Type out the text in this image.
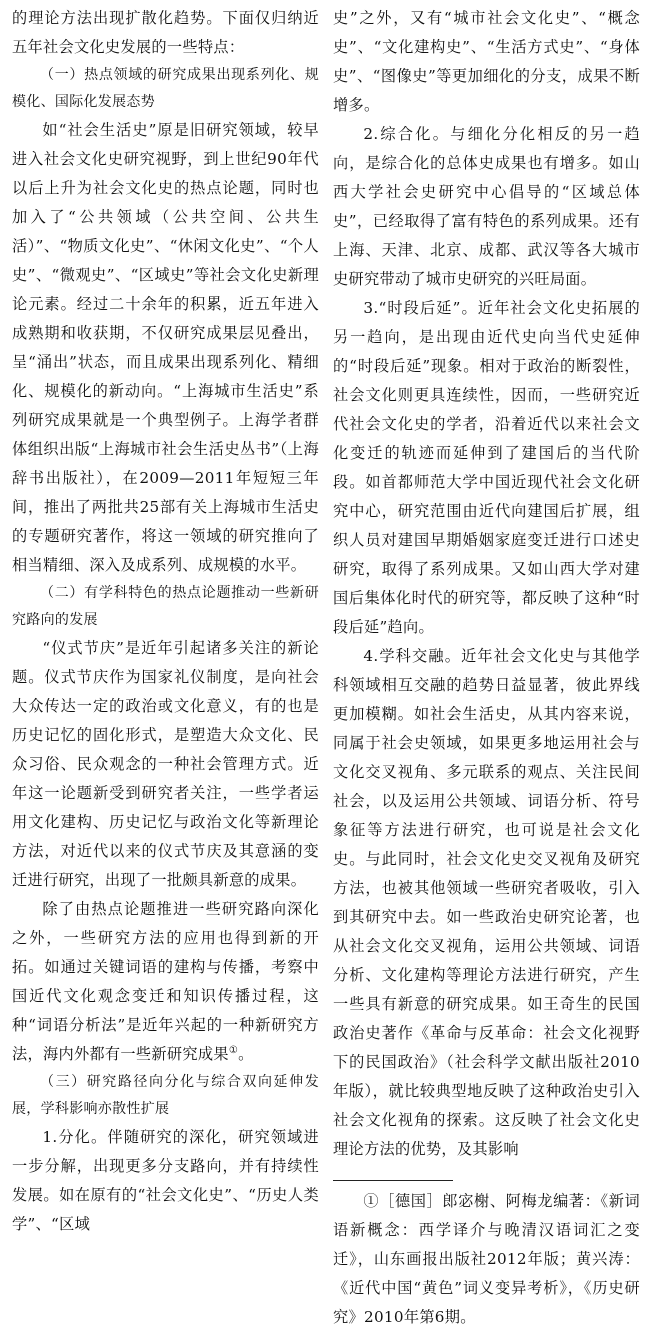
的理论方法出现扩散化趋势。下面仅归纳近五年社会文化史发展的一些特点：

（一）热点领域的研究成果出现系列化、规模化、国际化发展态势

如“社会生活史”原是旧研究领域，较早进入社会文化史研究视野，到上世纪90年代以后上升为社会文化史的热点论题，同时也加入了“公共领域（公共空间、公共生活）”、“物质文化史”、“休闲文化史”、“个人史”、“微观史”、“区域史”等社会文化史新理论元素。经过二十余年的积累，近五年进入成熟期和收获期，不仅研究成果层见叠出，呈“涌出”状态，而且成果出现系列化、精细化、规模化的新动向。“上海城市生活史”系列研究成果就是一个典型例子。上海学者群体组织出版“上海城市社会生活史丛书”（上海辞书出版社），在2009—2011年短短三年间，推出了两批共25部有关上海城市生活史的专题研究著作，将这一领域的研究推向了相当精细、深入及成系列、成规模的水平。

（二）有学科特色的热点论题推动一些新研究路向的发展

“仪式节庆”是近年引起诸多关注的新论题。仪式节庆作为国家礼仪制度，是向社会大众传达一定的政治或文化意义，有的也是历史记忆的固化形式，是塑造大众文化、民众习俗、民众观念的一种社会管理方式。近年这一论题新受到研究者关注，一些学者运用文化建构、历史记忆与政治文化等新理论方法，对近代以来的仪式节庆及其意涵的变迁进行研究，出现了一批颇具新意的成果。

除了由热点论题推进一些研究路向深化之外，一些研究方法的应用也得到新的开拓。如通过关键词语的建构与传播，考察中国近代文化观念变迁和知识传播过程，这种“词语分析法”是近年兴起的一种新研究方法，海内外都有一些新研究成果①。

（三）研究路径向分化与综合双向延伸发展，学科影响亦散性扩展

1.分化。伴随研究的深化，研究领域进一步分解，出现更多分支路向，并有持续性发展。如在原有的“社会文化史”、“历史人类学”、“区域

史”之外，又有“城市社会文化史”、“概念史”、“文化建构史”、“生活方式史”、“身体史”、“图像史”等更加细化的分支，成果不断增多。

2.综合化。与细化分化相反的另一趋向，是综合化的总体史成果也有增多。如山西大学社会史研究中心倡导的“区域总体史”，已经取得了富有特色的系列成果。还有上海、天津、北京、成都、武汉等各大城市史研究带动了城市史研究的兴旺局面。

3.“时段后延”。近年社会文化史拓展的另一趋向，是出现由近代史向当代史延伸的“时段后延”现象。相对于政治的断裂性，社会文化则更具连续性，因而，一些研究近代社会文化史的学者，沿着近代以来社会文化变迁的轨迹而延伸到了建国后的当代阶段。如首都师范大学中国近现代社会文化研究中心，研究范围由近代向建国后扩展，组织人员对建国早期婚姻家庭变迁进行口述史研究，取得了系列成果。又如山西大学对建国后集体化时代的研究等，都反映了这种“时段后延”趋向。

4.学科交融。近年社会文化史与其他学科领域相互交融的趋势日益显著，彼此界线更加模糊。如社会生活史，从其内容来说，同属于社会史领域，如果更多地运用社会与文化交叉视角、多元联系的观点、关注民间社会，以及运用公共领域、词语分析、符号象征等方法进行研究，也可说是社会文化史。与此同时，社会文化史交叉视角及研究方法，也被其他领域一些研究者吸收，引入到其研究中去。如一些政治史研究论著，也从社会文化交叉视角，运用公共领域、词语分析、文化建构等理论方法进行研究，产生一些具有新意的研究成果。如王奇生的民国政治史著作《革命与反革命：社会文化视野下的民国政治》（社会科学文献出版社2010年版），就比较典型地反映了这种政治史引入社会文化视角的探索。这反映了社会文化史理论方法的优势，及其影响

①［德国］郎宓榭、阿梅龙编著：《新词语新概念：西学译介与晚清汉语词汇之变迁》，山东画报出版社2012年版；黄兴涛：《近代中国“黄色”词义变异考析》，《历史研究》2010年第6期。
